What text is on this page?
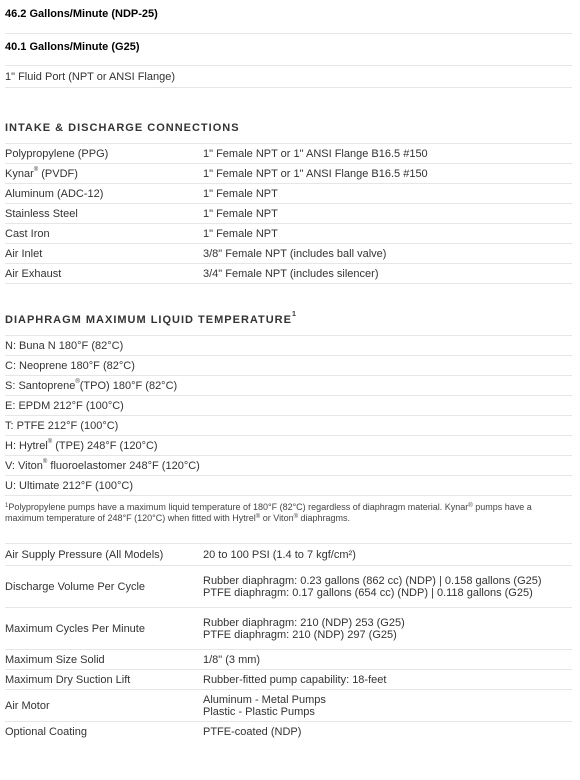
46.2 Gallons/Minute (NDP-25)
40.1 Gallons/Minute (G25)
1" Fluid Port (NPT or ANSI Flange)
INTAKE & DISCHARGE CONNECTIONS
Polypropylene (PPG)	1" Female NPT or 1" ANSI Flange B16.5 #150
Kynar® (PVDF)	1" Female NPT or 1" ANSI Flange B16.5 #150
Aluminum (ADC-12)	1" Female NPT
Stainless Steel	1" Female NPT
Cast Iron	1" Female NPT
Air Inlet	3/8" Female NPT (includes ball valve)
Air Exhaust	3/4" Female NPT (includes silencer)
DIAPHRAGM MAXIMUM LIQUID TEMPERATURE$^1$
N: Buna N 180°F (82°C)
C: Neoprene 180°F (82°C)
S: Santoprene®(TPO) 180°F (82°C)
E: EPDM 212°F (100°C)
T: PTFE 212°F (100°C)
H: Hytrel® (TPE) 248°F (120°C)
V: Viton® fluoroelastomer 248°F (120°C)
U: Ultimate 212°F (100°C)
$^1$Polypropylene pumps have a maximum liquid temperature of 180°F (82°C) regardless of diaphragm material. Kynar® pumps have a maximum temperature of 248°F (120°C) when fitted with Hytrel® or Viton® diaphragms.
Air Supply Pressure (All Models)	20 to 100 PSI (1.4 to 7 kgf/cm²)
Discharge Volume Per Cycle	Rubber diaphragm: 0.23 gallons (862 cc) (NDP) | 0.158 gallons (G25)
PTFE diaphragm: 0.17 gallons (654 cc) (NDP) | 0.118 gallons (G25)
Maximum Cycles Per Minute	Rubber diaphragm: 210 (NDP) 253 (G25)
PTFE diaphragm: 210 (NDP) 297 (G25)
Maximum Size Solid	1/8" (3 mm)
Maximum Dry Suction Lift	Rubber-fitted pump capability: 18-feet
Air Motor	Aluminum - Metal Pumps
Plastic - Plastic Pumps
Optional Coating	PTFE-coated (NDP)
